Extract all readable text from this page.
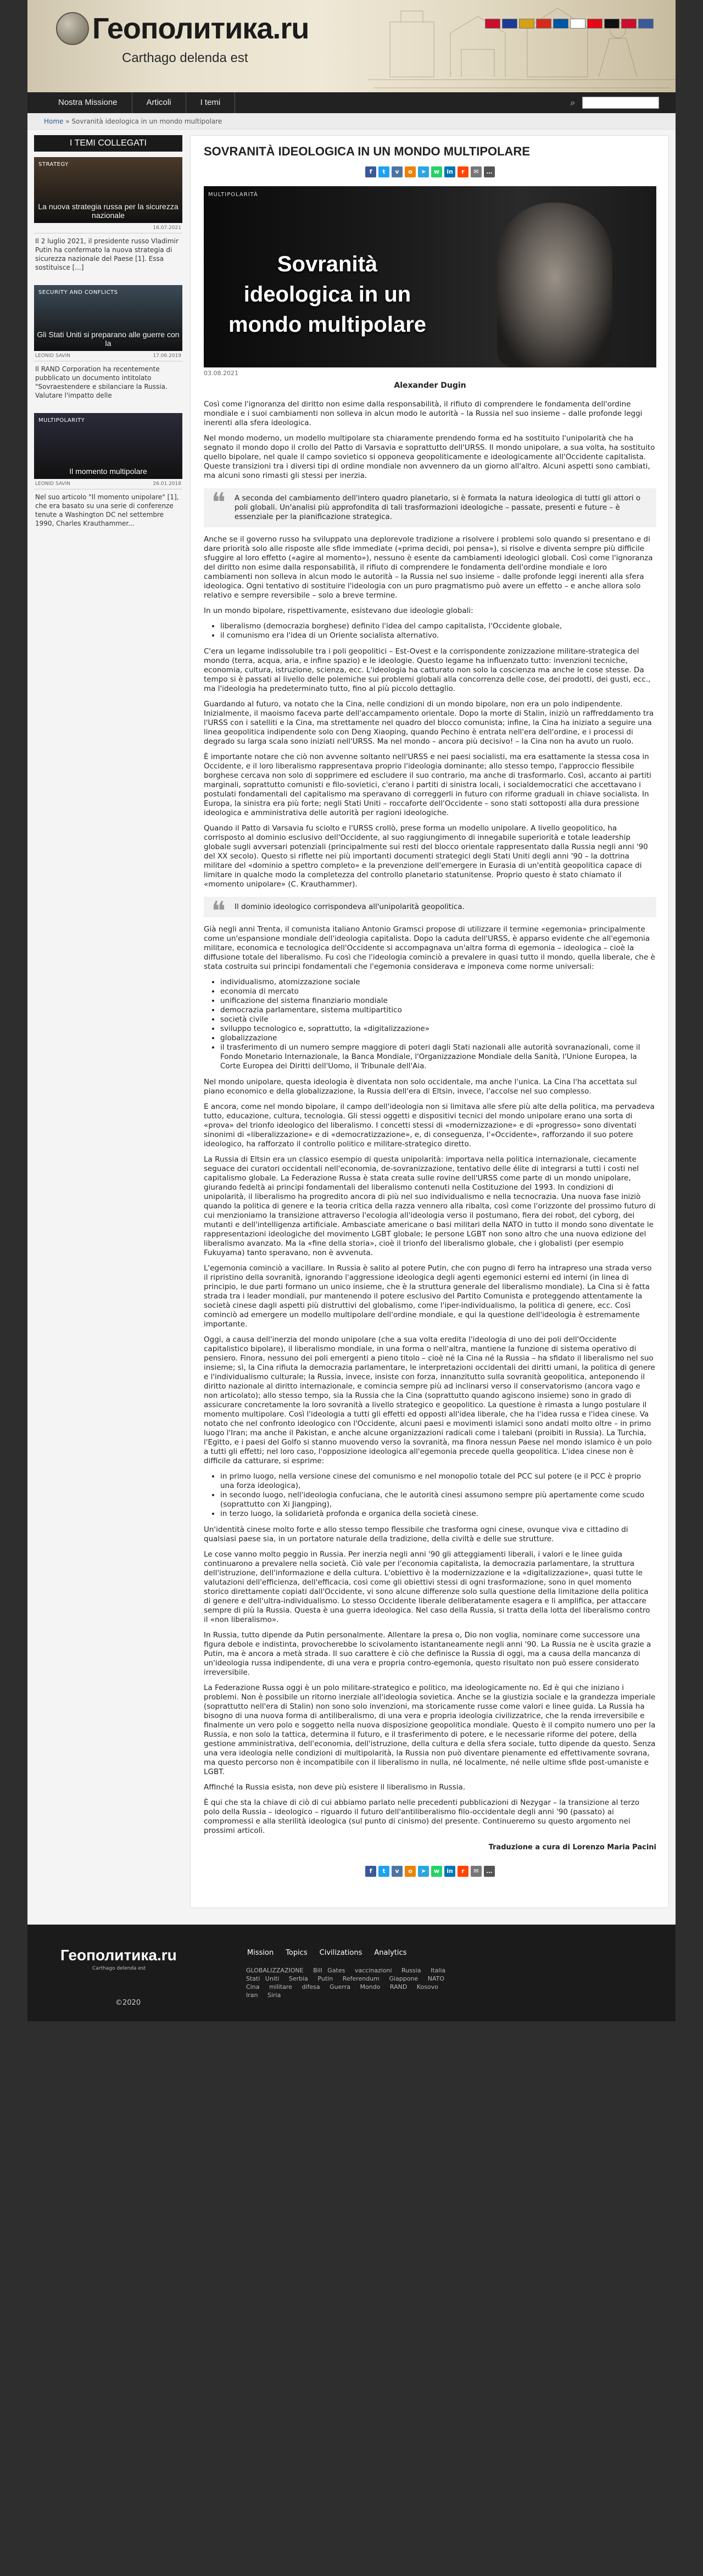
Геополитика.ru
Carthago delenda est
Nostra Missione	Articoli	I temi	⌕
Home » Sovranità ideologica in un mondo multipolare
I TEMI COLLEGATI
STRATEGY
La nuova strategia russa per la sicurezza nazionale
16.07.2021
Il 2 luglio 2021, il presidente russo Vladimir Putin ha confermato la nuova strategia di sicurezza nazionale del Paese [1]. Essa sostituisce [...]
SECURITY AND CONFLICTS
Gli Stati Uniti si preparano alle guerre con la
LEONID SAVIN	17.06.2019
Il RAND Corporation ha recentemente pubblicato un documento intitolato "Sovraestendere e sbilanciare la Russia. Valutare l'impatto delle
MULTIPOLARITY
Il momento multipolare
LEONID SAVIN	26.01.2018
Nel suo articolo "Il momento unipolare" [1], che era basato su una serie di conferenze tenute a Washington DC nel settembre 1990, Charles Krauthammer...
SOVRANITÀ IDEOLOGICA IN UN MONDO MULTIPOLARE
f	t	v	o	➤	w	in	r	✉	…
MULTIPOLARITÀ
Sovranità ideologica in un mondo multipolare
03.08.2021
Alexander Dugin

Così come l'ignoranza del diritto non esime dalla responsabilità, il rifiuto di comprendere le fondamenta dell'ordine mondiale e i suoi cambiamenti non solleva in alcun modo le autorità – la Russia nel suo insieme – dalle profonde leggi inerenti alla sfera ideologica.

Nel mondo moderno, un modello multipolare sta chiaramente prendendo forma ed ha sostituito l'unipolarità che ha segnato il mondo dopo il crollo del Patto di Varsavia e soprattutto dell'URSS. Il mondo unipolare, a sua volta, ha sostituito quello bipolare, nel quale il campo sovietico si opponeva geopoliticamente e ideologicamente all'Occidente capitalista. Queste transizioni tra i diversi tipi di ordine mondiale non avvennero da un giorno all'altro. Alcuni aspetti sono cambiati, ma alcuni sono rimasti gli stessi per inerzia.

❝ A seconda del cambiamento dell'intero quadro planetario, si è formata la natura ideologica di tutti gli attori o poli globali. Un'analisi più approfondita di tali trasformazioni ideologiche – passate, presenti e future – è essenziale per la pianificazione strategica.

Anche se il governo russo ha sviluppato una deplorevole tradizione a risolvere i problemi solo quando si presentano e di dare priorità solo alle risposte alle sfide immediate («prima decidi, poi pensa»), si risolve e diventa sempre più difficile sfuggire al loro effetto («agire al momento»), nessuno è esente da cambiamenti ideologici globali. Così come l'ignoranza del diritto non esime dalla responsabilità, il rifiuto di comprendere le fondamenta dell'ordine mondiale e loro cambiamenti non solleva in alcun modo le autorità – la Russia nel suo insieme – dalle profonde leggi inerenti alla sfera ideologica. Ogni tentativo di sostituire l'ideologia con un puro pragmatismo può avere un effetto – e anche allora solo relativo e sempre reversibile – solo a breve termine.

In un mondo bipolare, rispettivamente, esistevano due ideologie globali:

• liberalismo (democrazia borghese) definito l'idea del campo capitalista, l'Occidente globale,
• il comunismo era l'idea di un Oriente socialista alternativo.

C'era un legame indissolubile tra i poli geopolitici – Est-Ovest e la corrispondente zonizzazione militare-strategica del mondo (terra, acqua, aria, e infine spazio) e le ideologie. Questo legame ha influenzato tutto: invenzioni tecniche, economia, cultura, istruzione, scienza, ecc. L'ideologia ha catturato non solo la coscienza ma anche le cose stesse. Da tempo si è passati al livello delle polemiche sui problemi globali alla concorrenza delle cose, dei prodotti, dei gusti, ecc., ma l'ideologia ha predeterminato tutto, fino al più piccolo dettaglio.

Guardando al futuro, va notato che la Cina, nelle condizioni di un mondo bipolare, non era un polo indipendente. Inizialmente, il maoismo faceva parte dell'accampamento orientale. Dopo la morte di Stalin, iniziò un raffreddamento tra l'URSS con i satelliti e la Cina, ma strettamente nel quadro del blocco comunista; infine, la Cina ha iniziato a seguire una linea geopolitica indipendente solo con Deng Xiaoping, quando Pechino è entrata nell'era dell'ordine, e i processi di degrado su larga scala sono iniziati nell'URSS. Ma nel mondo – ancora più decisivo! – la Cina non ha avuto un ruolo.

È importante notare che ciò non avvenne soltanto nell'URSS e nei paesi socialisti, ma era esattamente la stessa cosa in Occidente, e il loro liberalismo rappresentava proprio l'ideologia dominante; allo stesso tempo, l'approccio flessibile borghese cercava non solo di sopprimere ed escludere il suo contrario, ma anche di trasformarlo. Così, accanto ai partiti marginali, soprattutto comunisti e filo-sovietici, c'erano i partiti di sinistra locali, i socialdemocratici che accettavano i postulati fondamentali del capitalismo ma speravano di correggerli in futuro con riforme graduali in chiave socialista. In Europa, la sinistra era più forte; negli Stati Uniti – roccaforte dell'Occidente – sono stati sottoposti alla dura pressione ideologica e amministrativa delle autorità per ragioni ideologiche.

Quando il Patto di Varsavia fu sciolto e l'URSS crollò, prese forma un modello unipolare. A livello geopolitico, ha corrisposto al dominio esclusivo dell'Occidente, al suo raggiungimento di innegabile superiorità e totale leadership globale sugli avversari potenziali (principalmente sui resti del blocco orientale rappresentato dalla Russia negli anni '90 del XX secolo). Questo si riflette nei più importanti documenti strategici degli Stati Uniti degli anni '90 – la dottrina militare del «dominio a spettro completo» e la prevenzione dell'emergere in Eurasia di un'entità geopolitica capace di limitare in qualche modo la completezza del controllo planetario statunitense. Proprio questo è stato chiamato il «momento unipolare» (C. Krauthammer).

❝ Il dominio ideologico corrispondeva all'unipolarità geopolitica.

Già negli anni Trenta, il comunista italiano Antonio Gramsci propose di utilizzare il termine «egemonia» principalmente come un'espansione mondiale dell'ideologia capitalista. Dopo la caduta dell'URSS, è apparso evidente che all'egemonia militare, economica e tecnologica dell'Occidente si accompagnava un'altra forma di egemonia – ideologica – cioè la diffusione totale del liberalismo. Fu così che l'ideologia cominciò a prevalere in quasi tutto il mondo, quella liberale, che è stata costruita sui principi fondamentali che l'egemonia considerava e imponeva come norme universali:

• individualismo, atomizzazione sociale
• economia di mercato
• unificazione del sistema finanziario mondiale
• democrazia parlamentare, sistema multipartitico
• società civile
• sviluppo tecnologico e, soprattutto, la «digitalizzazione»
• globalizzazione
• il trasferimento di un numero sempre maggiore di poteri dagli Stati nazionali alle autorità sovranazionali, come il Fondo Monetario Internazionale, la Banca Mondiale, l'Organizzazione Mondiale della Sanità, l'Unione Europea, la Corte Europea dei Diritti dell'Uomo, il Tribunale dell'Aia.

Nel mondo unipolare, questa ideologia è diventata non solo occidentale, ma anche l'unica. La Cina l'ha accettata sul piano economico e della globalizzazione, la Russia dell'era di Eltsin, invece, l'accolse nel suo complesso.

E ancora, come nel mondo bipolare, il campo dell'ideologia non si limitava alle sfere più alte della politica, ma pervadeva tutto, educazione, cultura, tecnologia. Gli stessi oggetti e dispositivi tecnici del mondo unipolare erano una sorta di «prova» del trionfo ideologico del liberalismo. I concetti stessi di «modernizzazione» e di «progresso» sono diventati sinonimi di «liberalizzazione» e di «democratizzazione», e, di conseguenza, l'«Occidente», rafforzando il suo potere ideologico, ha rafforzato il controllo politico e militare-strategico diretto.

La Russia di Eltsin era un classico esempio di questa unipolarità: importava nella politica internazionale, ciecamente seguace dei curatori occidentali nell'economia, de-sovranizzazione, tentativo delle élite di integrarsi a tutti i costi nel capitalismo globale. La Federazione Russa è stata creata sulle rovine dell'URSS come parte di un mondo unipolare, giurando fedeltà ai principi fondamentali del liberalismo contenuti nella Costituzione del 1993. In condizioni di unipolarità, il liberalismo ha progredito ancora di più nel suo individualismo e nella tecnocrazia. Una nuova fase iniziò quando la politica di genere e la teoria critica della razza vennero alla ribalta, così come l'orizzonte del prossimo futuro di cui menzioniamo la transizione attraverso l'ecologia all'ideologia verso il postumano, fiera dei robot, del cyborg, dei mutanti e dell'intelligenza artificiale. Ambasciate americane o basi militari della NATO in tutto il mondo sono diventate le rappresentazioni ideologiche del movimento LGBT globale; le persone LGBT non sono altro che una nuova edizione del liberalismo avanzato. Ma la «fine della storia», cioè il trionfo del liberalismo globale, che i globalisti (per esempio Fukuyama) tanto speravano, non è avvenuta.

L'egemonia cominciò a vacillare. In Russia è salito al potere Putin, che con pugno di ferro ha intrapreso una strada verso il ripristino della sovranità, ignorando l'aggressione ideologica degli agenti egemonici esterni ed interni (in linea di principio, le due parti formano un unico insieme, che è la struttura generale del liberalismo mondiale). La Cina si è fatta strada tra i leader mondiali, pur mantenendo il potere esclusivo del Partito Comunista e proteggendo attentamente la società cinese dagli aspetti più distruttivi del globalismo, come l'iper-individualismo, la politica di genere, ecc. Così cominciò ad emergere un modello multipolare dell'ordine mondiale, e qui la questione dell'ideologia è estremamente importante.

Oggi, a causa dell'inerzia del mondo unipolare (che a sua volta eredita l'ideologia di uno dei poli dell'Occidente capitalistico bipolare), il liberalismo mondiale, in una forma o nell'altra, mantiene la funzione di sistema operativo di pensiero. Finora, nessuno dei poli emergenti a pieno titolo – cioè né la Cina né la Russia – ha sfidato il liberalismo nel suo insieme; sì, la Cina rifiuta la democrazia parlamentare, le interpretazioni occidentali dei diritti umani, la politica di genere e l'individualismo culturale; la Russia, invece, insiste con forza, innanzitutto sulla sovranità geopolitica, anteponendo il diritto nazionale al diritto internazionale, e comincia sempre più ad inclinarsi verso il conservatorismo (ancora vago e non articolato); allo stesso tempo, sia la Russia che la Cina (soprattutto quando agiscono insieme) sono in grado di assicurare concretamente la loro sovranità a livello strategico e geopolitico. La questione è rimasta a lungo postulare il momento multipolare. Così l'ideologia a tutti gli effetti ed opposti all'idea liberale, che ha l'idea russa e l'idea cinese. Va notato che nel confronto ideologico con l'Occidente, alcuni paesi e movimenti islamici sono andati molto oltre – in primo luogo l'Iran; ma anche il Pakistan, e anche alcune organizzazioni radicali come i talebani (proibiti in Russia). La Turchia, l'Egitto, e i paesi del Golfo si stanno muovendo verso la sovranità, ma finora nessun Paese nel mondo islamico è un polo a tutti gli effetti; nel loro caso, l'opposizione ideologica all'egemonia precede quella geopolitica. L'idea cinese non è difficile da catturare, si esprime:

• in primo luogo, nella versione cinese del comunismo e nel monopolio totale del PCC sul potere (e il PCC è proprio una forza ideologica),
• in secondo luogo, nell'ideologia confuciana, che le autorità cinesi assumono sempre più apertamente come scudo (soprattutto con Xi Jiangping),
• in terzo luogo, la solidarietà profonda e organica della società cinese.

Un'identità cinese molto forte e allo stesso tempo flessibile che trasforma ogni cinese, ovunque viva e cittadino di qualsiasi paese sia, in un portatore naturale della tradizione, della civiltà e delle sue strutture.

Le cose vanno molto peggio in Russia. Per inerzia negli anni '90 gli atteggiamenti liberali, i valori e le linee guida continuarono a prevalere nella società. Ciò vale per l'economia capitalista, la democrazia parlamentare, la struttura dell'istruzione, dell'informazione e della cultura. L'obiettivo è la modernizzazione e la «digitalizzazione», quasi tutte le valutazioni dell'efficienza, dell'efficacia, così come gli obiettivi stessi di ogni trasformazione, sono in quel momento storico direttamente copiati dall'Occidente, vi sono alcune differenze solo sulla questione della limitazione della politica di genere e dell'ultra-individualismo. Lo stesso Occidente liberale deliberatamente esagera e li amplifica, per attaccare sempre di più la Russia. Questa è una guerra ideologica. Nel caso della Russia, si tratta della lotta del liberalismo contro il «non liberalismo».

In Russia, tutto dipende da Putin personalmente. Allentare la presa o, Dio non voglia, nominare come successore una figura debole e indistinta, provocherebbe lo scivolamento istantaneamente negli anni '90. La Russia ne è uscita grazie a Putin, ma è ancora a metà strada. Il suo carattere è ciò che definisce la Russia di oggi, ma a causa della mancanza di un'ideologia russa indipendente, di una vera e propria contro-egemonia, questo risultato non può essere considerato irreversibile.

La Federazione Russa oggi è un polo militare-strategico e politico, ma ideologicamente no. Ed è qui che iniziano i problemi. Non è possibile un ritorno inerziale all'ideologia sovietica. Anche se la giustizia sociale e la grandezza imperiale (soprattutto nell'era di Stalin) non sono solo invenzioni, ma storicamente russe come valori e linee guida. La Russia ha bisogno di una nuova forma di antiliberalismo, di una vera e propria ideologia civilizzatrice, che la renda irreversibile e finalmente un vero polo e soggetto nella nuova disposizione geopolitica mondiale. Questo è il compito numero uno per la Russia, e non solo la tattica, determina il futuro, e il trasferimento di potere, e le necessarie riforme del potere, della gestione amministrativa, dell'economia, dell'istruzione, della cultura e della sfera sociale, tutto dipende da questo. Senza una vera ideologia nelle condizioni di multipolarità, la Russia non può diventare pienamente ed effettivamente sovrana, ma questo percorso non è incompatibile con il liberalismo in nulla, né localmente, né nelle ultime sfide post-umaniste e LGBT.

Affinché la Russia esista, non deve più esistere il liberalismo in Russia.

È qui che sta la chiave di ciò di cui abbiamo parlato nelle precedenti pubblicazioni di Nezygar – la transizione al terzo polo della Russia – ideologico – riguardo il futuro dell'antiliberalismo filo-occidentale degli anni '90 (passato) ai compromessi e alla sterilità ideologica (sul punto di cinismo) del presente. Continueremo su questo argomento nei prossimi articoli.

Traduzione a cura di Lorenzo Maria Pacini
f	t	v	o	➤	w	in	r	✉	…
Геополитика.ru
Carthago delenda est
©2020
Mission Topics Civilizations Analytics
GLOBALIZZAZIONE Bill Gates vaccinazioni Russia Italia Stati Uniti Serbia Putin Referendum Giappone NATO Cina militare difesa Guerra Mondo RAND Kosovo Iran Siria
